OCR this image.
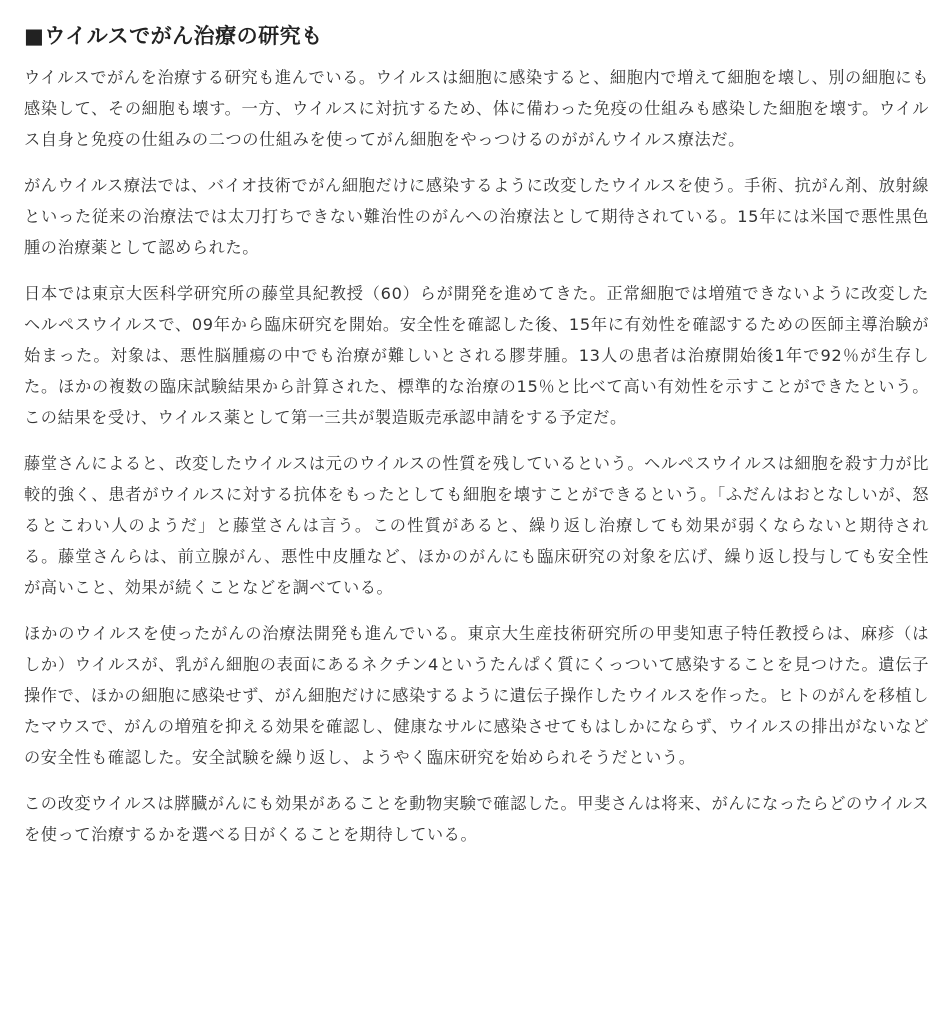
■ウイルスでがん治療の研究も

ウイルスでがんを治療する研究も進んでいる。ウイルスは細胞に感染すると、細胞内で増えて細胞を壊し、別の細胞にも感染して、その細胞も壊す。一方、ウイルスに対抗するため、体に備わった免疫の仕組みも感染した細胞を壊す。ウイルス自身と免疫の仕組みの二つの仕組みを使ってがん細胞をやっつけるのががんウイルス療法だ。

がんウイルス療法では、バイオ技術でがん細胞だけに感染するように改変したウイルスを使う。手術、抗がん剤、放射線といった従来の治療法では太刀打ちできない難治性のがんへの治療法として期待されている。15年には米国で悪性黒色腫の治療薬として認められた。

日本では東京大医科学研究所の藤堂具紀教授（60）らが開発を進めてきた。正常細胞では増殖できないように改変したヘルペスウイルスで、09年から臨床研究を開始。安全性を確認した後、15年に有効性を確認するための医師主導治験が始まった。対象は、悪性脳腫瘍の中でも治療が難しいとされる膠芽腫。13人の患者は治療開始後1年で92％が生存した。ほかの複数の臨床試験結果から計算された、標準的な治療の15％と比べて高い有効性を示すことができたという。この結果を受け、ウイルス薬として第一三共が製造販売承認申請をする予定だ。

藤堂さんによると、改変したウイルスは元のウイルスの性質を残しているという。ヘルペスウイルスは細胞を殺す力が比較的強く、患者がウイルスに対する抗体をもったとしても細胞を壊すことができるという。「ふだんはおとなしいが、怒るとこわい人のようだ」と藤堂さんは言う。この性質があると、繰り返し治療しても効果が弱くならないと期待される。藤堂さんらは、前立腺がん、悪性中皮腫など、ほかのがんにも臨床研究の対象を広げ、繰り返し投与しても安全性が高いこと、効果が続くことなどを調べている。

ほかのウイルスを使ったがんの治療法開発も進んでいる。東京大生産技術研究所の甲斐知恵子特任教授らは、麻疹（はしか）ウイルスが、乳がん細胞の表面にあるネクチン4というたんぱく質にくっついて感染することを見つけた。遺伝子操作で、ほかの細胞に感染せず、がん細胞だけに感染するように遺伝子操作したウイルスを作った。ヒトのがんを移植したマウスで、がんの増殖を抑える効果を確認し、健康なサルに感染させてもはしかにならず、ウイルスの排出がないなどの安全性も確認した。安全試験を繰り返し、ようやく臨床研究を始められそうだという。

この改変ウイルスは膵臓がんにも効果があることを動物実験で確認した。甲斐さんは将来、がんになったらどのウイルスを使って治療するかを選べる日がくることを期待している。
